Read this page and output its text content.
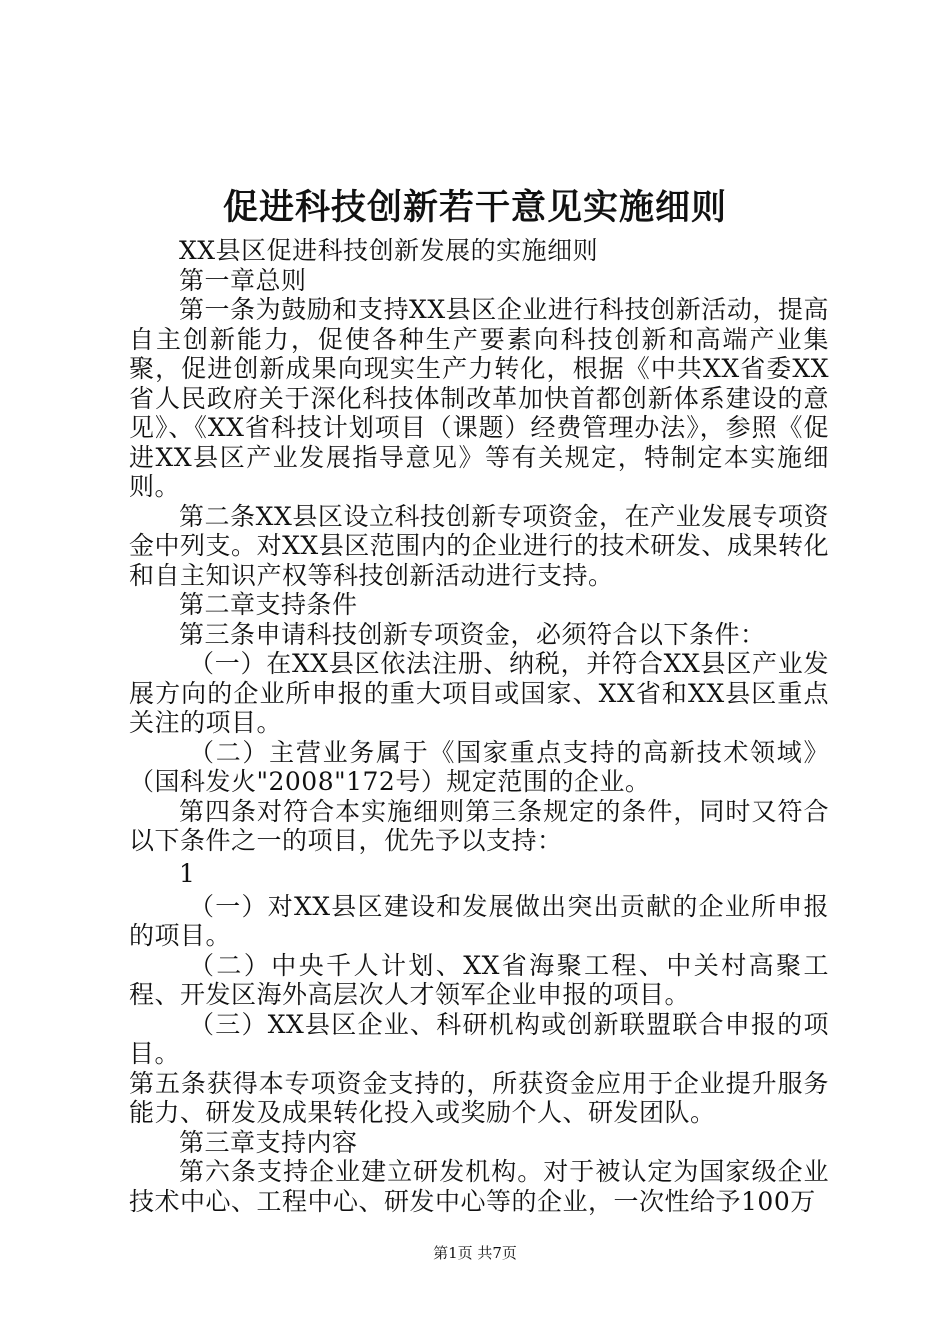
促进科技创新若干意见实施细则

XX县区促进科技创新发展的实施细则

第一章总则

第一条为鼓励和支持XX县区企业进行科技创新活动，提高自主创新能力，促使各种生产要素向科技创新和高端产业集聚，促进创新成果向现实生产力转化，根据《中共XX省委XX省人民政府关于深化科技体制改革加快首都创新体系建设的意见》、《XX省科技计划项目（课题）经费管理办法》，参照《促进XX县区产业发展指导意见》等有关规定，特制定本实施细则。

第二条XX县区设立科技创新专项资金，在产业发展专项资金中列支。对XX县区范围内的企业进行的技术研发、成果转化和自主知识产权等科技创新活动进行支持。

第二章支持条件

第三条申请科技创新专项资金，必须符合以下条件：

（一）在XX县区依法注册、纳税，并符合XX县区产业发展方向的企业所申报的重大项目或国家、XX省和XX县区重点关注的项目。

（二）主营业务属于《国家重点支持的高新技术领域》（国科发火"2008"172号）规定范围的企业。

第四条对符合本实施细则第三条规定的条件，同时又符合以下条件之一的项目，优先予以支持：

1

（一）对XX县区建设和发展做出突出贡献的企业所申报的项目。

（二）中央千人计划、XX省海聚工程、中关村高聚工程、开发区海外高层次人才领军企业申报的项目。

（三）XX县区企业、科研机构或创新联盟联合申报的项目。

第五条获得本专项资金支持的，所获资金应用于企业提升服务能力、研发及成果转化投入或奖励个人、研发团队。

第三章支持内容

第六条支持企业建立研发机构。对于被认定为国家级企业技术中心、工程中心、研发中心等的企业，一次性给予100万

第1页 共7页
